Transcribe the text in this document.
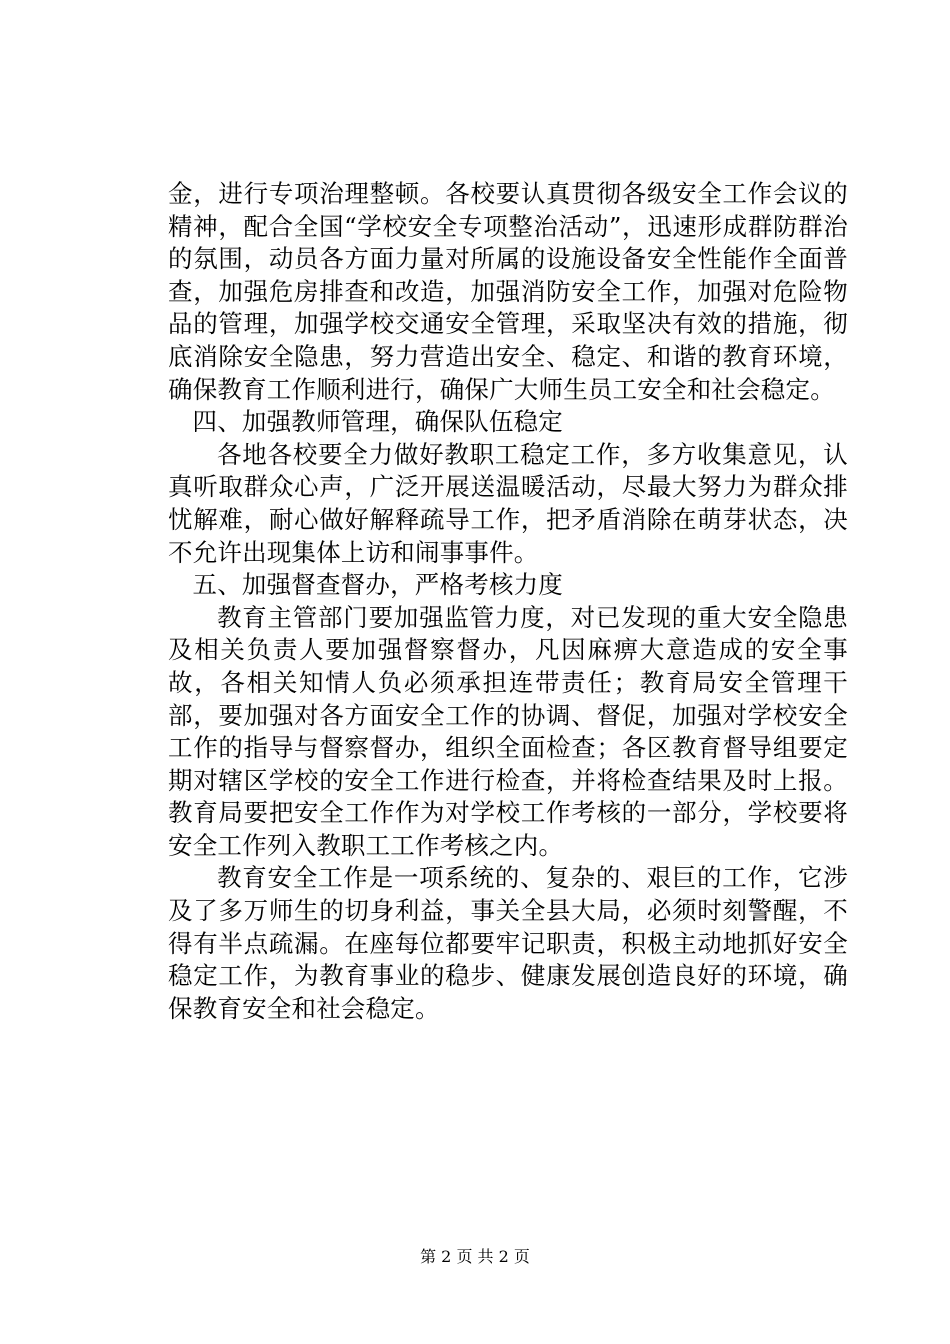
金，进行专项治理整顿。各校要认真贯彻各级安全工作会议的精神，配合全国“学校安全专项整治活动”，迅速形成群防群治的氛围，动员各方面力量对所属的设施设备安全性能作全面普查，加强危房排查和改造，加强消防安全工作，加强对危险物品的管理，加强学校交通安全管理，采取坚决有效的措施，彻底消除安全隐患，努力营造出安全、稳定、和谐的教育环境，确保教育工作顺利进行，确保广大师生员工安全和社会稳定。

四、加强教师管理，确保队伍稳定

各地各校要全力做好教职工稳定工作，多方收集意见，认真听取群众心声，广泛开展送温暖活动，尽最大努力为群众排忧解难，耐心做好解释疏导工作，把矛盾消除在萌芽状态，决不允许出现集体上访和闹事事件。

五、加强督查督办，严格考核力度

教育主管部门要加强监管力度，对已发现的重大安全隐患及相关负责人要加强督察督办，凡因麻痹大意造成的安全事故，各相关知情人负必须承担连带责任；教育局安全管理干部，要加强对各方面安全工作的协调、督促，加强对学校安全工作的指导与督察督办，组织全面检查；各区教育督导组要定期对辖区学校的安全工作进行检查，并将检查结果及时上报。教育局要把安全工作作为对学校工作考核的一部分，学校要将安全工作列入教职工工作考核之内。

教育安全工作是一项系统的、复杂的、艰巨的工作，它涉及了多万师生的切身利益，事关全县大局，必须时刻警醒，不得有半点疏漏。在座每位都要牢记职责，积极主动地抓好安全稳定工作，为教育事业的稳步、健康发展创造良好的环境，确保教育安全和社会稳定。

第 2 页 共 2 页
